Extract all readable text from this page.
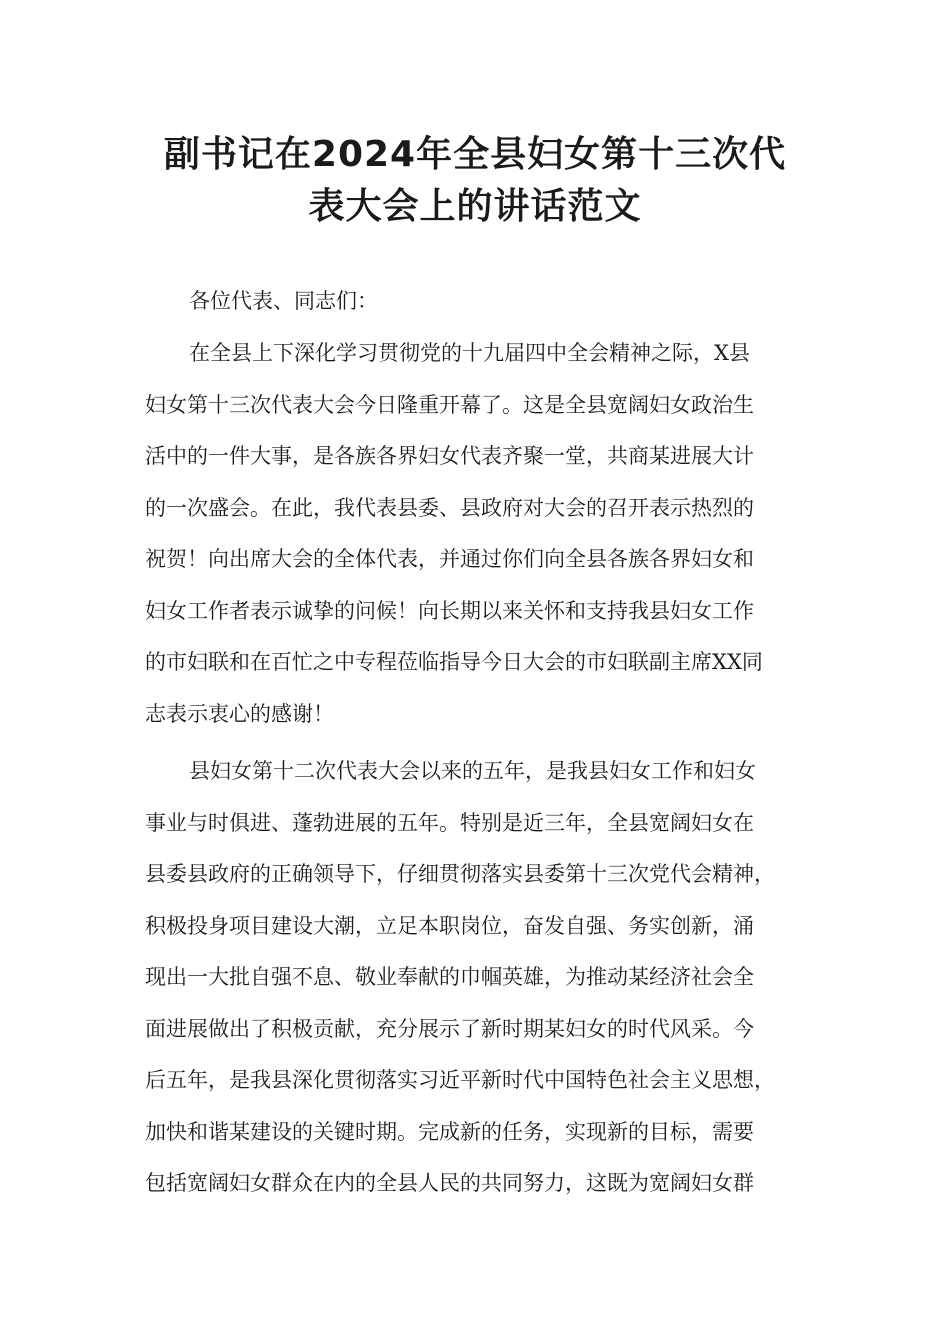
副书记在2024年全县妇女第十三次代
表大会上的讲话范文

各位代表、同志们：

在全县上下深化学习贯彻党的十九届四中全会精神之际，X县
妇女第十三次代表大会今日隆重开幕了。这是全县宽阔妇女政治生
活中的一件大事，是各族各界妇女代表齐聚一堂，共商某进展大计
的一次盛会。在此，我代表县委、县政府对大会的召开表示热烈的
祝贺！向出席大会的全体代表，并通过你们向全县各族各界妇女和
妇女工作者表示诚挚的问候！向长期以来关怀和支持我县妇女工作
的市妇联和在百忙之中专程莅临指导今日大会的市妇联副主席XX同
志表示衷心的感谢！

县妇女第十二次代表大会以来的五年，是我县妇女工作和妇女
事业与时俱进、蓬勃进展的五年。特别是近三年，全县宽阔妇女在
县委县政府的正确领导下，仔细贯彻落实县委第十三次党代会精神，
积极投身项目建设大潮，立足本职岗位，奋发自强、务实创新，涌
现出一大批自强不息、敬业奉献的巾帼英雄，为推动某经济社会全
面进展做出了积极贡献，充分展示了新时期某妇女的时代风采。今
后五年，是我县深化贯彻落实习近平新时代中国特色社会主义思想，
加快和谐某建设的关键时期。完成新的任务，实现新的目标，需要
包括宽阔妇女群众在内的全县人民的共同努力，这既为宽阔妇女群
